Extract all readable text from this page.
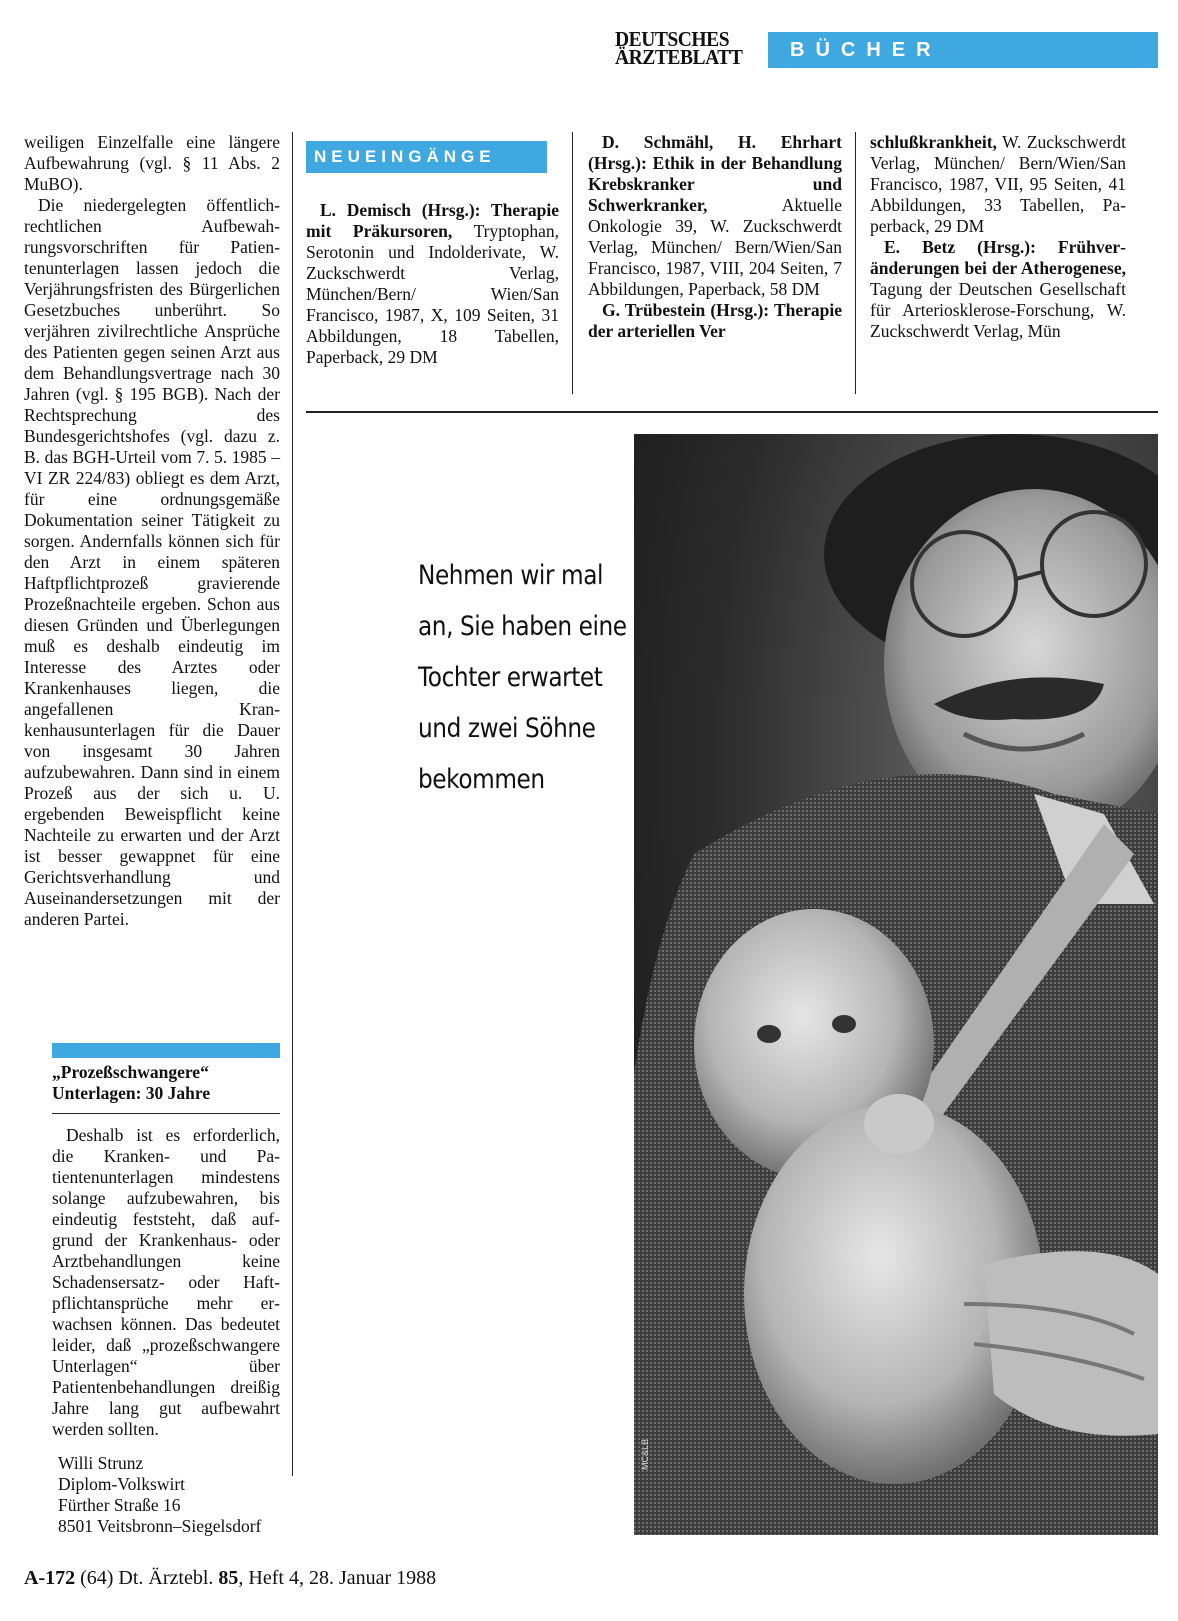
DEUTSCHES
ÄRZTEBLATT	BÜCHER

weiligen Einzelfalle eine längere Aufbewahrung (vgl. § 11 Abs. 2 MuBO).

Die niedergelegten öffentlich-rechtlichen Aufbewahrungsvorschriften für Patientenunterlagen lassen jedoch die Verjährungsfristen des Bürgerlichen Gesetzbuches unberührt. So verjähren zivilrechtliche Ansprüche des Patienten gegen seinen Arzt aus dem Behandlungsvertrage nach 30 Jahren (vgl. § 195 BGB). Nach der Rechtsprechung des Bundesgerichtshofes (vgl. dazu z. B. das BGH-Urteil vom 7. 5. 1985 – VI ZR 224/83) obliegt es dem Arzt, für eine ordnungsgemäße Dokumentation seiner Tätigkeit zu sorgen. Andernfalls können sich für den Arzt in einem späteren Haftpflichtprozeß gravierende Prozeßnachteile ergeben. Schon aus diesen Gründen und Überlegungen muß es deshalb eindeutig im Interesse des Arztes oder Krankenhauses liegen, die angefallenen Krankenhausunterlagen für die Dauer von insgesamt 30 Jahren aufzubewahren. Dann sind in einem Prozeß aus der sich u. U. ergebenden Beweispflicht keine Nachteile zu erwarten und der Arzt ist besser gewappnet für eine Gerichtsverhandlung und Auseinandersetzungen mit der anderen Partei.

„Prozeßschwangere“
Unterlagen: 30 Jahre

Deshalb ist es erforderlich, die Kranken- und Patientenunterlagen mindestens solange aufzubewahren, bis eindeutig feststeht, daß aufgrund der Krankenhaus- oder Arztbehandlungen keine Schadensersatz- oder Haftpflichtansprüche mehr erwachsen können. Das bedeutet leider, daß „prozeßschwangere Unterlagen“ über Patientenbehandlungen dreißig Jahre lang gut aufbewahrt werden sollten.

Willi Strunz
Diplom-Volkswirt
Fürther Straße 16
8501 Veitsbronn–Siegelsdorf
NEUEINGÄNGE

L. Demisch (Hrsg.): Therapie mit Präkursoren, Tryptophan, Serotonin und Indolderivate, W. Zuckschwerdt Verlag, München/Bern/ Wien/San Francisco, 1987, X, 109 Seiten, 31 Abbildungen, 18 Tabellen, Paperback, 29 DM

D. Schmähl, H. Ehrhart (Hrsg.): Ethik in der Behandlung Krebskranker und Schwerkranker, Aktuelle Onkologie 39, W. Zuckschwerdt Verlag, München/ Bern/Wien/San Francisco, 1987, VIII, 204 Seiten, 7 Abbildungen, Paperback, 58 DM

G. Trübestein (Hrsg.): Therapie der arteriellen Ver

schlußkrankheit, W. Zuckschwerdt Verlag, München/ Bern/Wien/San Francisco, 1987, VII, 95 Seiten, 41 Abbildungen, 33 Tabellen, Paperback, 29 DM

E. Betz (Hrsg.): Frühveränderungen bei der Atherogenese, Tagung der Deutschen Gesellschaft für Arteriosklerose-Forschung, W. Zuckschwerdt Verlag, Mün

Nehmen wir mal
an, Sie haben eine
Tochter erwartet
und zwei Söhne
bekommen
MC&LB
A-172 (64) Dt. Ärztebl. 85, Heft 4, 28. Januar 1988
